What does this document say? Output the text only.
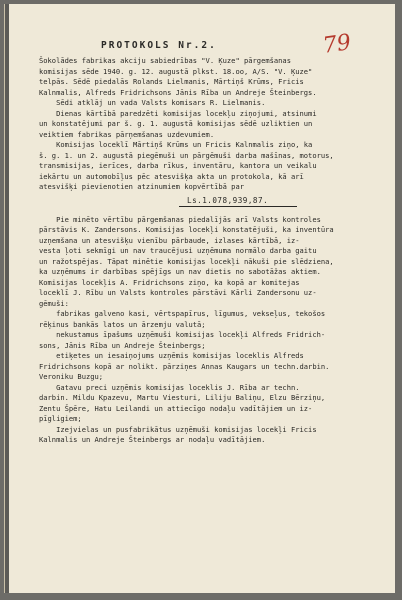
PROTOKOLS Nr.2.	79
Šokolādes fabrikas akciju sabiedrības "V. Ķuze" pārgemšanas
komisijas sēde 1940. g. 12. augustā plkst. 18.oo, A/S. "V. Ķuze"
telpās. Sēdē piedalās Rolands Lielmanis, Mārtiņš Krūms, Fricis
Kalnmalis, Alfreds Fridrichsons Jānis Rība un Andreje Šteinbergs.
Sēdi atklāj un vada Valsts komisars R. Lielmanis.
Dienas kārtībā paredzēti komisijas locekļu ziņojumi, atsinumi
un konstatējumi par š. g. 1. augustā komisijas sēdē uzliktien un
veiktiem fabrikas pārņemšanas uzdevumiem.
Komisijas loceklī Mārtiņš Krūms un Fricis Kalnmalis ziņo, ka
š. g. 1. un 2. augustā piegēmuši un pārgēmuši darba mašīnas, motorus,
transmisijas, ierīces, darba rīkus, inventāru, kantora un veikalu
iekārtu un automobīļus pēc atesvišķa akta un protokola, kā arī
atesvišķi pievienotien atzinumiem kopvērtībā par
Ls.1.078,939,87.
Pie minēto vērtību pārgemšanas piedalījās arī Valsts kontroles
pārstāvis K. Zandersons. Komisijas locekļi konstatējuši, ka inventūra
uzņemšana un atesvišķu vienību pārbaude, izlases kārtībā, iz-
vesta ļoti sekmīgi un nav traucējusi uzņēmuma normālo darba gaitu
un ražotspējas. Tāpat minētie komisijas locekļi nākuši pie slēdziena,
ka uzņēmums ir darbības spējīgs un nav dietis no sabotāžas aktiem.
Komisijas locekļis A. Fridrichsons ziņo, ka kopā ar komitejas
loceklī J. Rību un Valsts kontroles pārstāvi Kārli Zandersonu uz-
gēmuši:
fabrikas galveno kasi, vērtspapīrus, līgumus, vekseļus, tekošos
rēķinus bankās latos un ārzemju valutā;
nekustamus īpašums uzņēmuši komisijas locekļi Alfreds Fridrich-
sons, Jānis Rība un Andreje Šteinbergs;
etiķetes un iesaiņojums uzņēmis komisijas loceklis Alfreds
Fridrichsons kopā ar nolikt. pārziņes Annas Kaugars un techn.darbin.
Veroniku Buzgu;
Gatavu preci uzņēmis komisijas loceklis J. Rība ar techn.
darbin. Mildu Kpazevu, Martu Viesturi, Liliju Baliņu, Elzu Bērziņu,
Zentu Špēre, Hatu Leilandi un attiecīgo nodaļu vadītājiem un iz-
pīgligiem;
Izejvielas un pusfabrikātus uzņēmuši komisijas locekļi Fricis
Kalnmalis un Andreje Šteinbergs ar nodaļu vadītājiem.
